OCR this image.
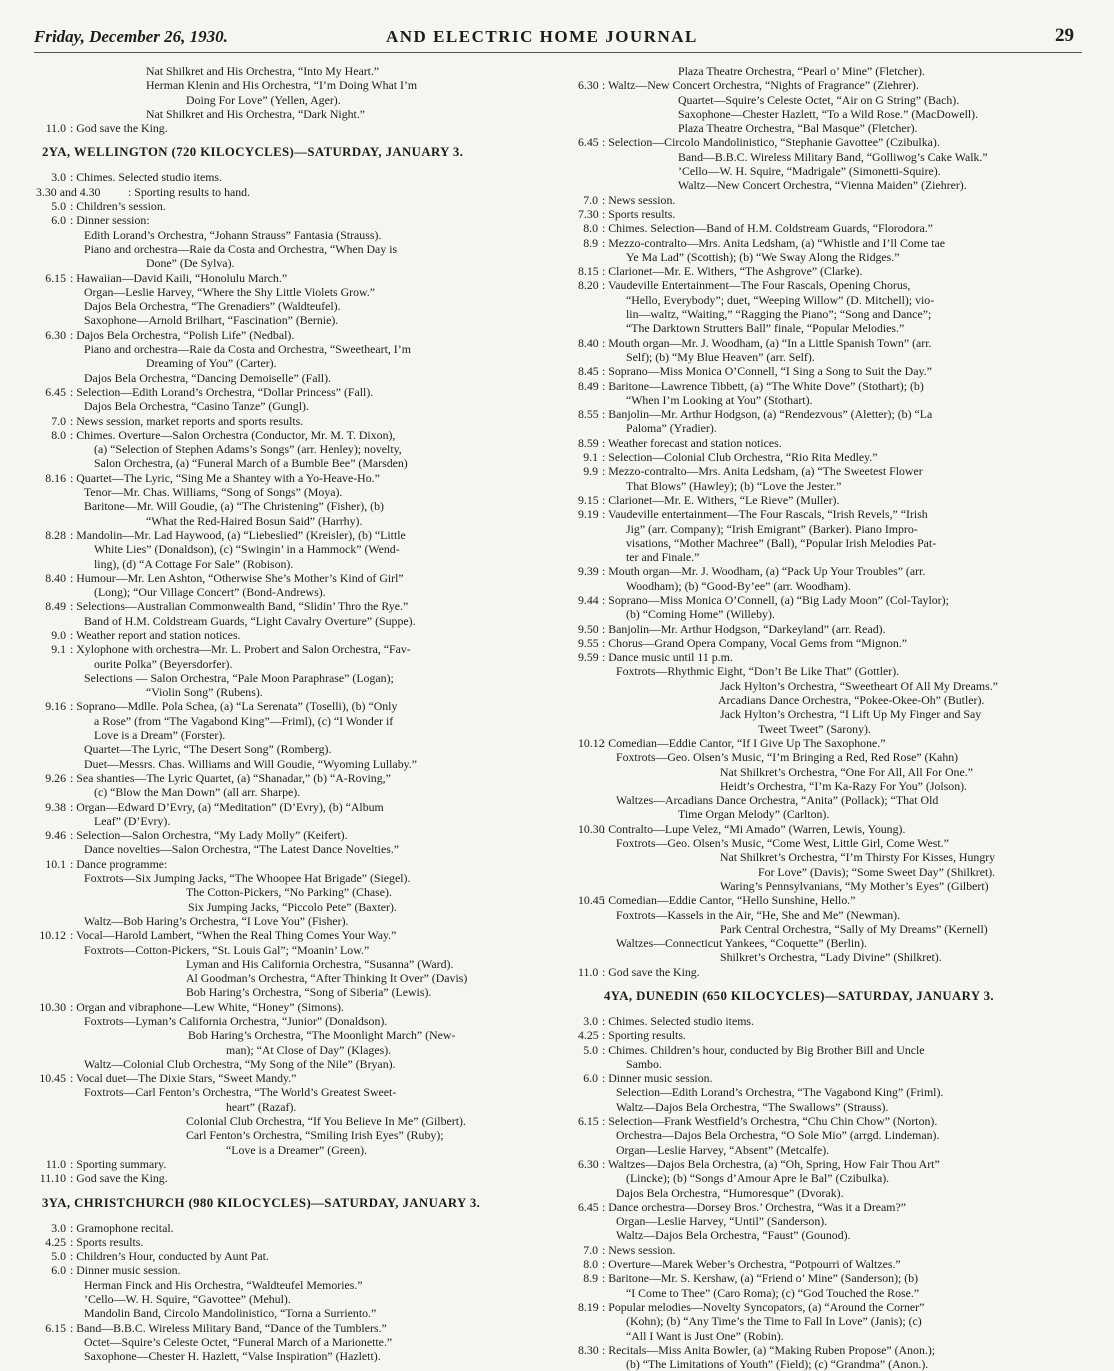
Friday, December 26, 1930.	AND ELECTRIC HOME JOURNAL	29
Nat Shilkret and His Orchestra, “Into My Heart.”
Herman Klenin and His Orchestra, “I’m Doing What I’m
Doing For Love” (Yellen, Ager).
Nat Shilkret and His Orchestra, “Dark Night.”
11.0 : God save the King.
2YA, WELLINGTON (720 KILOCYCLES)—SATURDAY, JANUARY 3.
3.0 : Chimes. Selected studio items.
3.30 and 4.30 : Sporting results to hand.
5.0 : Children’s session.
6.0 : Dinner session:
Edith Lorand’s Orchestra, “Johann Strauss” Fantasia (Strauss).
Piano and orchestra—Raie da Costa and Orchestra, “When Day is
Done” (De Sylva).
6.15 : Hawaiian—David Kaili, “Honolulu March.”
Organ—Leslie Harvey, “Where the Shy Little Violets Grow.”
Dajos Bela Orchestra, “The Grenadiers” (Waldteufel).
Saxophone—Arnold Brilhart, “Fascination” (Bernie).
6.30 : Dajos Bela Orchestra, “Polish Life” (Nedbal).
Piano and orchestra—Raie da Costa and Orchestra, “Sweetheart, I’m
Dreaming of You” (Carter).
Dajos Bela Orchestra, “Dancing Demoiselle” (Fall).
6.45 : Selection—Edith Lorand’s Orchestra, “Dollar Princess” (Fall).
Dajos Bela Orchestra, “Casino Tanze” (Gungl).
7.0 : News session, market reports and sports results.
8.0 : Chimes. Overture—Salon Orchestra (Conductor, Mr. M. T. Dixon),
(a) “Selection of Stephen Adams’s Songs” (arr. Henley); novelty,
Salon Orchestra, (a) “Funeral March of a Bumble Bee” (Marsden)
8.16 : Quartet—The Lyric, “Sing Me a Shantey with a Yo-Heave-Ho.”
Tenor—Mr. Chas. Williams, “Song of Songs” (Moya).
Baritone—Mr. Will Goudie, (a) “The Christening” (Fisher), (b)
“What the Red-Haired Bosun Said” (Harrhy).
8.28 : Mandolin—Mr. Lad Haywood, (a) “Liebeslied” (Kreisler), (b) “Little
White Lies” (Donaldson), (c) “Swingin’ in a Hammock” (Wend-
ling), (d) “A Cottage For Sale” (Robison).
8.40 : Humour—Mr. Len Ashton, “Otherwise She’s Mother’s Kind of Girl”
(Long); “Our Village Concert” (Bond-Andrews).
8.49 : Selections—Australian Commonwealth Band, “Slidin’ Thro the Rye.”
Band of H.M. Coldstream Guards, “Light Cavalry Overture” (Suppe).
9.0 : Weather report and station notices.
9.1 : Xylophone with orchestra—Mr. L. Probert and Salon Orchestra, “Fav-
ourite Polka” (Beyersdorfer).
Selections — Salon Orchestra, “Pale Moon Paraphrase” (Logan);
“Violin Song” (Rubens).
9.16 : Soprano—Mdlle. Pola Schea, (a) “La Serenata” (Toselli), (b) “Only
a Rose” (from “The Vagabond King”—Friml), (c) “I Wonder if
Love is a Dream” (Forster).
Quartet—The Lyric, “The Desert Song” (Romberg).
Duet—Messrs. Chas. Williams and Will Goudie, “Wyoming Lullaby.”
9.26 : Sea shanties—The Lyric Quartet, (a) “Shanadar,” (b) “A-Roving,”
(c) “Blow the Man Down” (all arr. Sharpe).
9.38 : Organ—Edward D’Evry, (a) “Meditation” (D’Evry), (b) “Album
Leaf” (D’Evry).
9.46 : Selection—Salon Orchestra, “My Lady Molly” (Keifert).
Dance novelties—Salon Orchestra, “The Latest Dance Novelties.”
10.1 : Dance programme:
Foxtrots—Six Jumping Jacks, “The Whoopee Hat Brigade” (Siegel).
The Cotton-Pickers, “No Parking” (Chase).
Six Jumping Jacks, “Piccolo Pete” (Baxter).
Waltz—Bob Haring’s Orchestra, “I Love You” (Fisher).
10.12 : Vocal—Harold Lambert, “When the Real Thing Comes Your Way.”
Foxtrots—Cotton-Pickers, “St. Louis Gal”; “Moanin’ Low.”
Lyman and His California Orchestra, “Susanna” (Ward).
Al Goodman’s Orchestra, “After Thinking It Over” (Davis)
Bob Haring’s Orchestra, “Song of Siberia” (Lewis).
10.30 : Organ and vibraphone—Lew White, “Honey” (Simons).
Foxtrots—Lyman’s California Orchestra, “Junior” (Donaldson).
Bob Haring’s Orchestra, “The Moonlight March” (New-
man); “At Close of Day” (Klages).
Waltz—Colonial Club Orchestra, “My Song of the Nile” (Bryan).
10.45 : Vocal duet—The Dixie Stars, “Sweet Mandy.”
Foxtrots—Carl Fenton’s Orchestra, “The World’s Greatest Sweet-
heart” (Razaf).
Colonial Club Orchestra, “If You Believe In Me” (Gilbert).
Carl Fenton’s Orchestra, “Smiling Irish Eyes” (Ruby);
“Love is a Dreamer” (Green).
11.0 : Sporting summary.
11.10 : God save the King.
3YA, CHRISTCHURCH (980 KILOCYCLES)—SATURDAY, JANUARY 3.
3.0 : Gramophone recital.
4.25 : Sports results.
5.0 : Children’s Hour, conducted by Aunt Pat.
6.0 : Dinner music session.
Herman Finck and His Orchestra, “Waldteufel Memories.”
’Cello—W. H. Squire, “Gavottee” (Mehul).
Mandolin Band, Circolo Mandolinistico, “Torna a Surriento.”
6.15 : Band—B.B.C. Wireless Military Band, “Dance of the Tumblers.”
Octet—Squire’s Celeste Octet, “Funeral March of a Marionette.”
Saxophone—Chester H. Hazlett, “Valse Inspiration” (Hazlett).
Plaza Theatre Orchestra, “Pearl o’ Mine” (Fletcher).
6.30 : Waltz—New Concert Orchestra, “Nights of Fragrance” (Ziehrer).
Quartet—Squire’s Celeste Octet, “Air on G String” (Bach).
Saxophone—Chester Hazlett, “To a Wild Rose.” (MacDowell).
Plaza Theatre Orchestra, “Bal Masque” (Fletcher).
6.45 : Selection—Circolo Mandolinistico, “Stephanie Gavottee” (Czibulka).
Band—B.B.C. Wireless Military Band, “Golliwog’s Cake Walk.”
’Cello—W. H. Squire, “Madrigale” (Simonetti-Squire).
Waltz—New Concert Orchestra, “Vienna Maiden” (Ziehrer).
7.0 : News session.
7.30 : Sports results.
8.0 : Chimes. Selection—Band of H.M. Coldstream Guards, “Florodora.”
8.9 : Mezzo-contralto—Mrs. Anita Ledsham, (a) “Whistle and I’ll Come tae
Ye Ma Lad” (Scottish); (b) “We Sway Along the Ridges.”
8.15 : Clarionet—Mr. E. Withers, “The Ashgrove” (Clarke).
8.20 : Vaudeville Entertainment—The Four Rascals, Opening Chorus,
“Hello, Everybody”; duet, “Weeping Willow” (D. Mitchell); vio-
lin—waltz, “Waiting,” “Ragging the Piano”; “Song and Dance”;
“The Darktown Strutters Ball” finale, “Popular Melodies.”
8.40 : Mouth organ—Mr. J. Woodham, (a) “In a Little Spanish Town” (arr.
Self); (b) “My Blue Heaven” (arr. Self).
8.45 : Soprano—Miss Monica O’Connell, “I Sing a Song to Suit the Day.”
8.49 : Baritone—Lawrence Tibbett, (a) “The White Dove” (Stothart); (b)
“When I’m Looking at You” (Stothart).
8.55 : Banjolin—Mr. Arthur Hodgson, (a) “Rendezvous” (Aletter); (b) “La
Paloma” (Yradier).
8.59 : Weather forecast and station notices.
9.1 : Selection—Colonial Club Orchestra, “Rio Rita Medley.”
9.9 : Mezzo-contralto—Mrs. Anita Ledsham, (a) “The Sweetest Flower
That Blows” (Hawley); (b) “Love the Jester.”
9.15 : Clarionet—Mr. E. Withers, “Le Rieve” (Muller).
9.19 : Vaudeville entertainment—The Four Rascals, “Irish Revels,” “Irish
Jig” (arr. Company); “Irish Emigrant” (Barker). Piano Impro-
visations, “Mother Machree” (Ball), “Popular Irish Melodies Pat-
ter and Finale.”
9.39 : Mouth organ—Mr. J. Woodham, (a) “Pack Up Your Troubles” (arr.
Woodham); (b) “Good-By’ee” (arr. Woodham).
9.44 : Soprano—Miss Monica O’Connell, (a) “Big Lady Moon” (Col-Taylor);
(b) “Coming Home” (Willeby).
9.50 : Banjolin—Mr. Arthur Hodgson, “Darkeyland” (arr. Read).
9.55 : Chorus—Grand Opera Company, Vocal Gems from “Mignon.”
9.59 : Dance music until 11 p.m.
Foxtrots—Rhythmic Eight, “Don’t Be Like That” (Gottler).
Jack Hylton’s Orchestra, “Sweetheart Of All My Dreams.”
Arcadians Dance Orchestra, “Pokee-Okee-Oh” (Butler).
Jack Hylton’s Orchestra, “I Lift Up My Finger and Say
Tweet Tweet” (Sarony).
10.12
: Comedian—Eddie Cantor, “If I Give Up The Saxophone.”
Foxtrots—Geo. Olsen’s Music, “I’m Bringing a Red, Red Rose” (Kahn)
Nat Shilkret’s Orchestra, “One For All, All For One.”
Heidt’s Orchestra, “I’m Ka-Razy For You” (Jolson).
Waltzes—Arcadians Dance Orchestra, “Anita” (Pollack); “That Old
Time Organ Melody” (Carlton).
10.30
: Contralto—Lupe Velez, “Mi Amado” (Warren, Lewis, Young).
Foxtrots—Geo. Olsen’s Music, “Come West, Little Girl, Come West.”
Nat Shilkret’s Orchestra, “I’m Thirsty For Kisses, Hungry
For Love” (Davis); “Some Sweet Day” (Shilkret).
Waring’s Pennsylvanians, “My Mother’s Eyes” (Gilbert)
10.45
: Comedian—Eddie Cantor, “Hello Sunshine, Hello.”
Foxtrots—Kassels in the Air, “He, She and Me” (Newman).
Park Central Orchestra, “Sally of My Dreams” (Kernell)
Waltzes—Connecticut Yankees, “Coquette” (Berlin).
Shilkret’s Orchestra, “Lady Divine” (Shilkret).
11.0 : God save the King.
4YA, DUNEDIN (650 KILOCYCLES)—SATURDAY, JANUARY 3.
3.0 : Chimes. Selected studio items.
4.25 : Sporting results.
5.0 : Chimes. Children’s hour, conducted by Big Brother Bill and Uncle
Sambo.
6.0 : Dinner music session.
Selection—Edith Lorand’s Orchestra, “The Vagabond King” (Friml).
Waltz—Dajos Bela Orchestra, “The Swallows” (Strauss).
6.15 : Selection—Frank Westfield’s Orchestra, “Chu Chin Chow” (Norton).
Orchestra—Dajos Bela Orchestra, “O Sole Mio” (arrgd. Lindeman).
Organ—Leslie Harvey, “Absent” (Metcalfe).
6.30 : Waltzes—Dajos Bela Orchestra, (a) “Oh, Spring, How Fair Thou Art”
(Lincke); (b) “Songs d’Amour Apre le Bal” (Czibulka).
Dajos Bela Orchestra, “Humoresque” (Dvorak).
6.45 : Dance orchestra—Dorsey Bros.’ Orchestra, “Was it a Dream?”
Organ—Leslie Harvey, “Until” (Sanderson).
Waltz—Dajos Bela Orchestra, “Faust” (Gounod).
7.0 : News session.
8.0 : Overture—Marek Weber’s Orchestra, “Potpourri of Waltzes.”
8.9 : Baritone—Mr. S. Kershaw, (a) “Friend o’ Mine” (Sanderson); (b)
“I Come to Thee” (Caro Roma); (c) “God Touched the Rose.”
8.19 : Popular melodies—Novelty Syncopators, (a) “Around the Corner”
(Kohn); (b) “Any Time’s the Time to Fall In Love” (Janis); (c)
“All I Want is Just One” (Robin).
8.30 : Recitals—Miss Anita Bowler, (a) “Making Ruben Propose” (Anon.);
(b) “The Limitations of Youth” (Field); (c) “Grandma” (Anon.).
